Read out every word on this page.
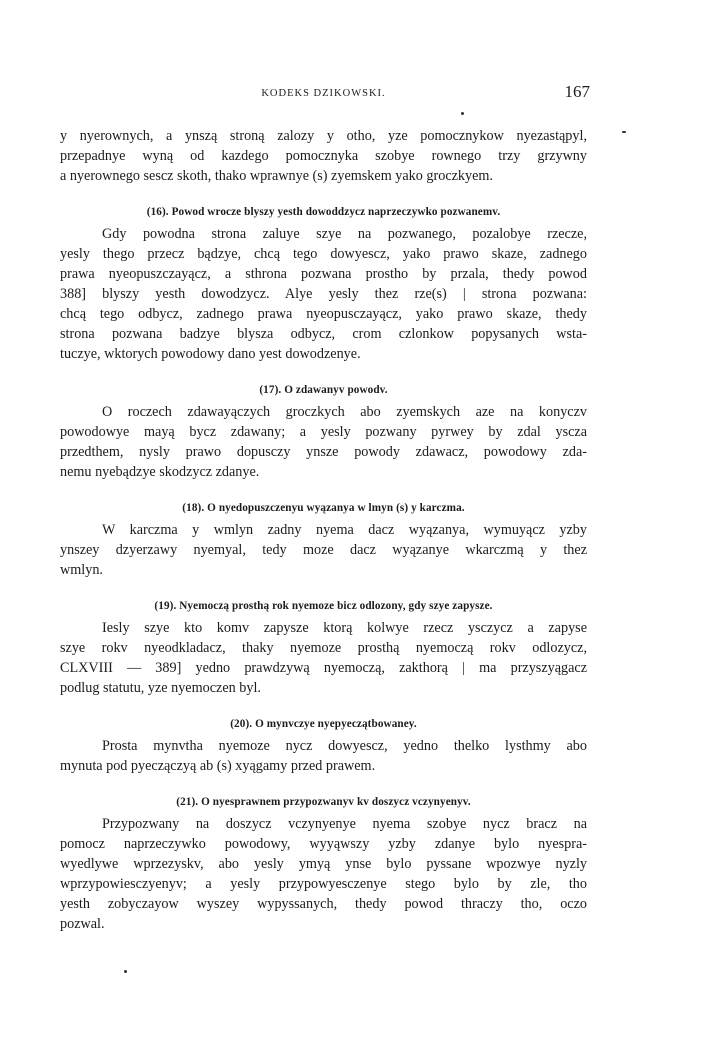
KODEKS DZIKOWSKI.	167
y nyerownych, a ynszą stroną zalozy y otho, yze pomocznykow nyezastąpyl,
przepadnye wyną od kazdego pomocznyka szobye rownego trzy grzywny
a nyerownego sescz skoth, thako wprawnye (s) zyemskem yako groczkyem.
(16). Powod wrocze blyszy yesth dowoddzycz naprzeczywko pozwanemv.
Gdy powodna strona zaluye szye na pozwanego, pozalobye rzecze,
yesly thego przecz bądzye, chcą tego dowyescz, yako prawo skaze, zadnego
prawa nyeopuszczayącz, a sthrona pozwana prostho by przala, thedy powod
388] blyszy yesth dowodzycz. Alye yesly thez rze(s) | strona pozwana:
chcą tego odbycz, zadnego prawa nyeopusczayącz, yako prawo skaze, thedy
strona pozwana badzye blysza odbycz, crom czlonkow popysanych wsta-
tuczye, wktorych powodowy dano yest dowodzenye.
(17). O zdawanyv powodv.
O roczech zdawayączych groczkych abo zyemskych aze na konyczv
powodowye mayą bycz zdawany; a yesly pozwany pyrwey by zdal yscza
przedthem, nysly prawo dopusczy ynsze powody zdawacz, powodowy zda-
nemu nyebądzye skodzycz zdanye.
(18). O nyedopuszczenyu wyązanya w lmyn (s) y karczma.
W karczma y wmlyn zadny nyema dacz wyązanya, wymuyącz yzby
ynszey dzyerzawy nyemyal, tedy moze dacz wyązanye wkarczmą y thez
wmlyn.
(19). Nyemoczą prosthą rok nyemoze bicz odlozony, gdy szye zapysze.
Iesly szye kto komv zapysze ktorą kolwye rzecz ysczycz a zapyse
szye rokv nyeodkladacz, thaky nyemoze prosthą nyemoczą rokv odlozycz,
CLXVIII — 389] yedno prawdzywą nyemoczą, zakthorą | ma przyszyągacz
podlug statutu, yze nyemoczen byl.
(20). O mynvczye nyepyeczątbowaney.
Prosta mynvtha nyemoze nycz dowyescz, yedno thelko lysthmy abo
mynuta pod pyeczączyą ab (s) xyągamy przed prawem.
(21). O nyesprawnem przypozwanyv kv doszycz vczynyenyv.
Przypozwany na doszycz vczynyenye nyema szobye nycz bracz na
pomocz naprzeczywko powodowy, wyyąwszy yzby zdanye bylo nyespra-
wyedlywe wprzezyskv, abo yesly ymyą ynse bylo pyssane wpozwye nyzly
wprzypowiesczyenyv; a yesly przypowyesczenye stego bylo by zle, tho
yesth zobyczayow wyszey wypyssanych, thedy powod thraczy tho, oczo
pozwal.
